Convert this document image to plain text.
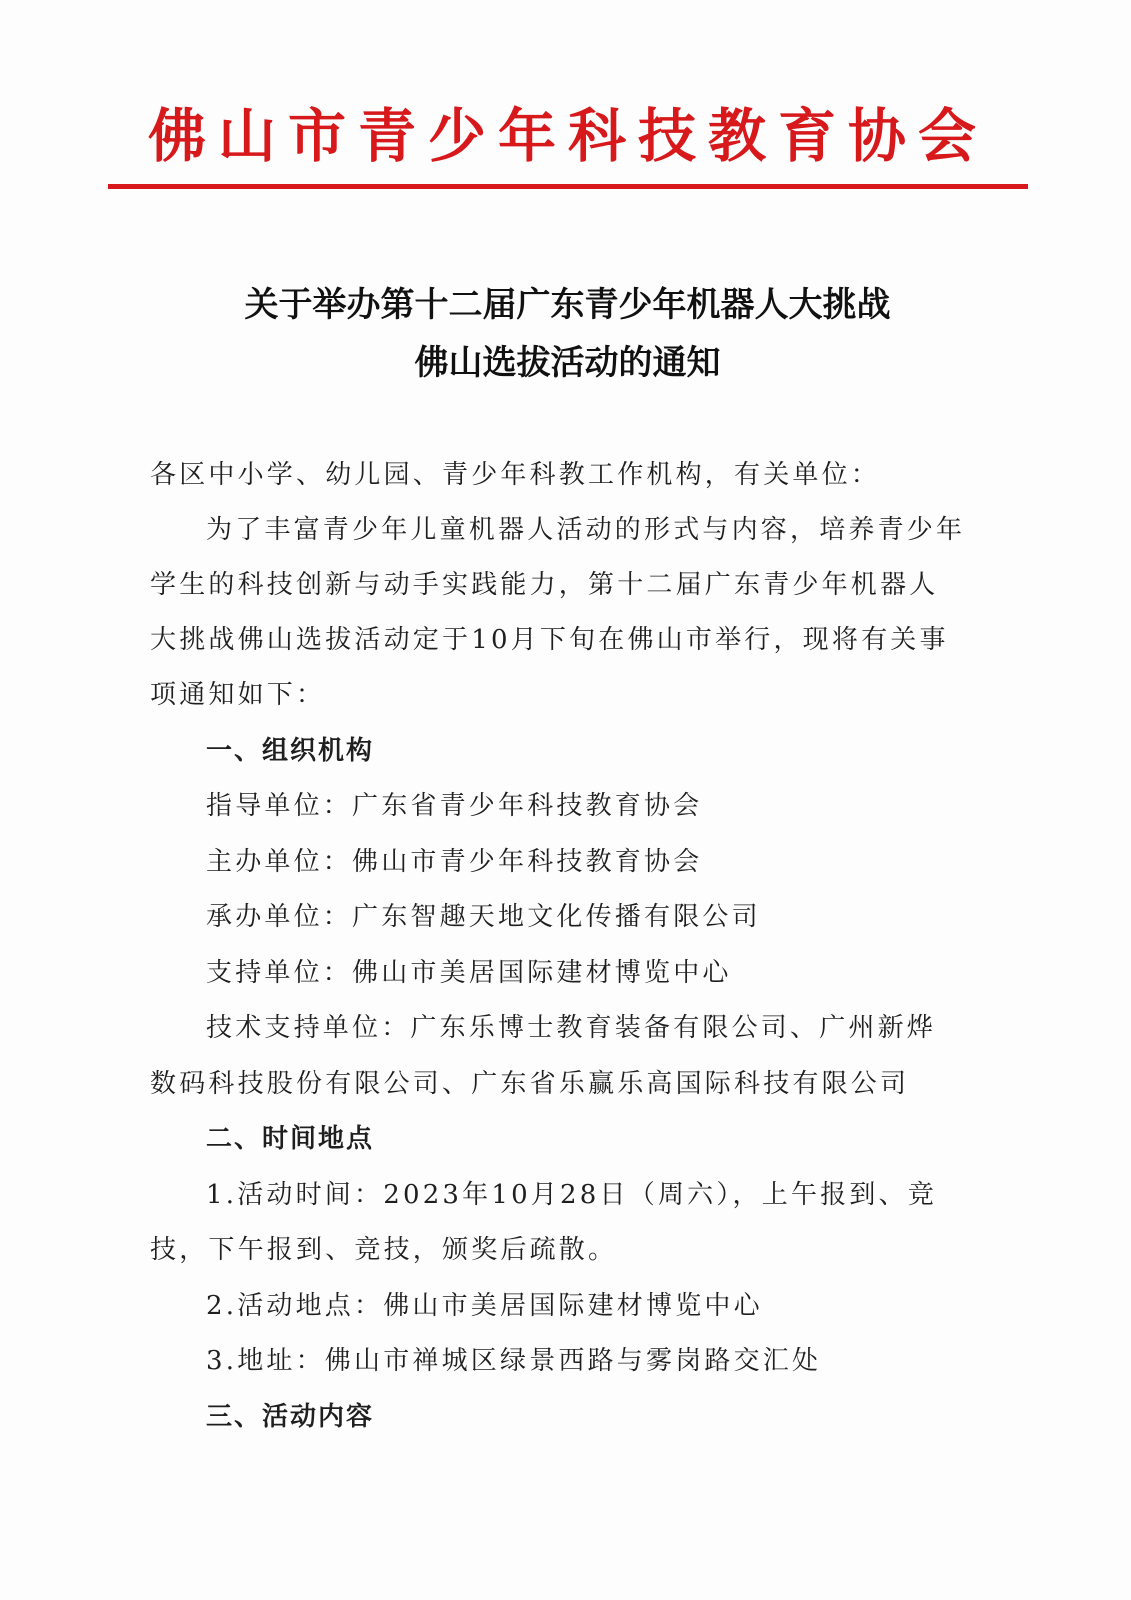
佛山市青少年科技教育协会
关于举办第十二届广东青少年机器人大挑战
佛山选拔活动的通知
各区中小学、幼儿园、青少年科教工作机构，有关单位：
为了丰富青少年儿童机器人活动的形式与内容，培养青少年
学生的科技创新与动手实践能力，第十二届广东青少年机器人
大挑战佛山选拔活动定于10月下旬在佛山市举行，现将有关事
项通知如下：
一、组织机构
指导单位：广东省青少年科技教育协会
主办单位：佛山市青少年科技教育协会
承办单位：广东智趣天地文化传播有限公司
支持单位：佛山市美居国际建材博览中心
技术支持单位：广东乐博士教育装备有限公司、广州新烨
数码科技股份有限公司、广东省乐赢乐高国际科技有限公司
二、时间地点
1.活动时间：2023年10月28日（周六），上午报到、竞
技，下午报到、竞技，颁奖后疏散。
2.活动地点：佛山市美居国际建材博览中心
3.地址：佛山市禅城区绿景西路与雾岗路交汇处
三、活动内容
